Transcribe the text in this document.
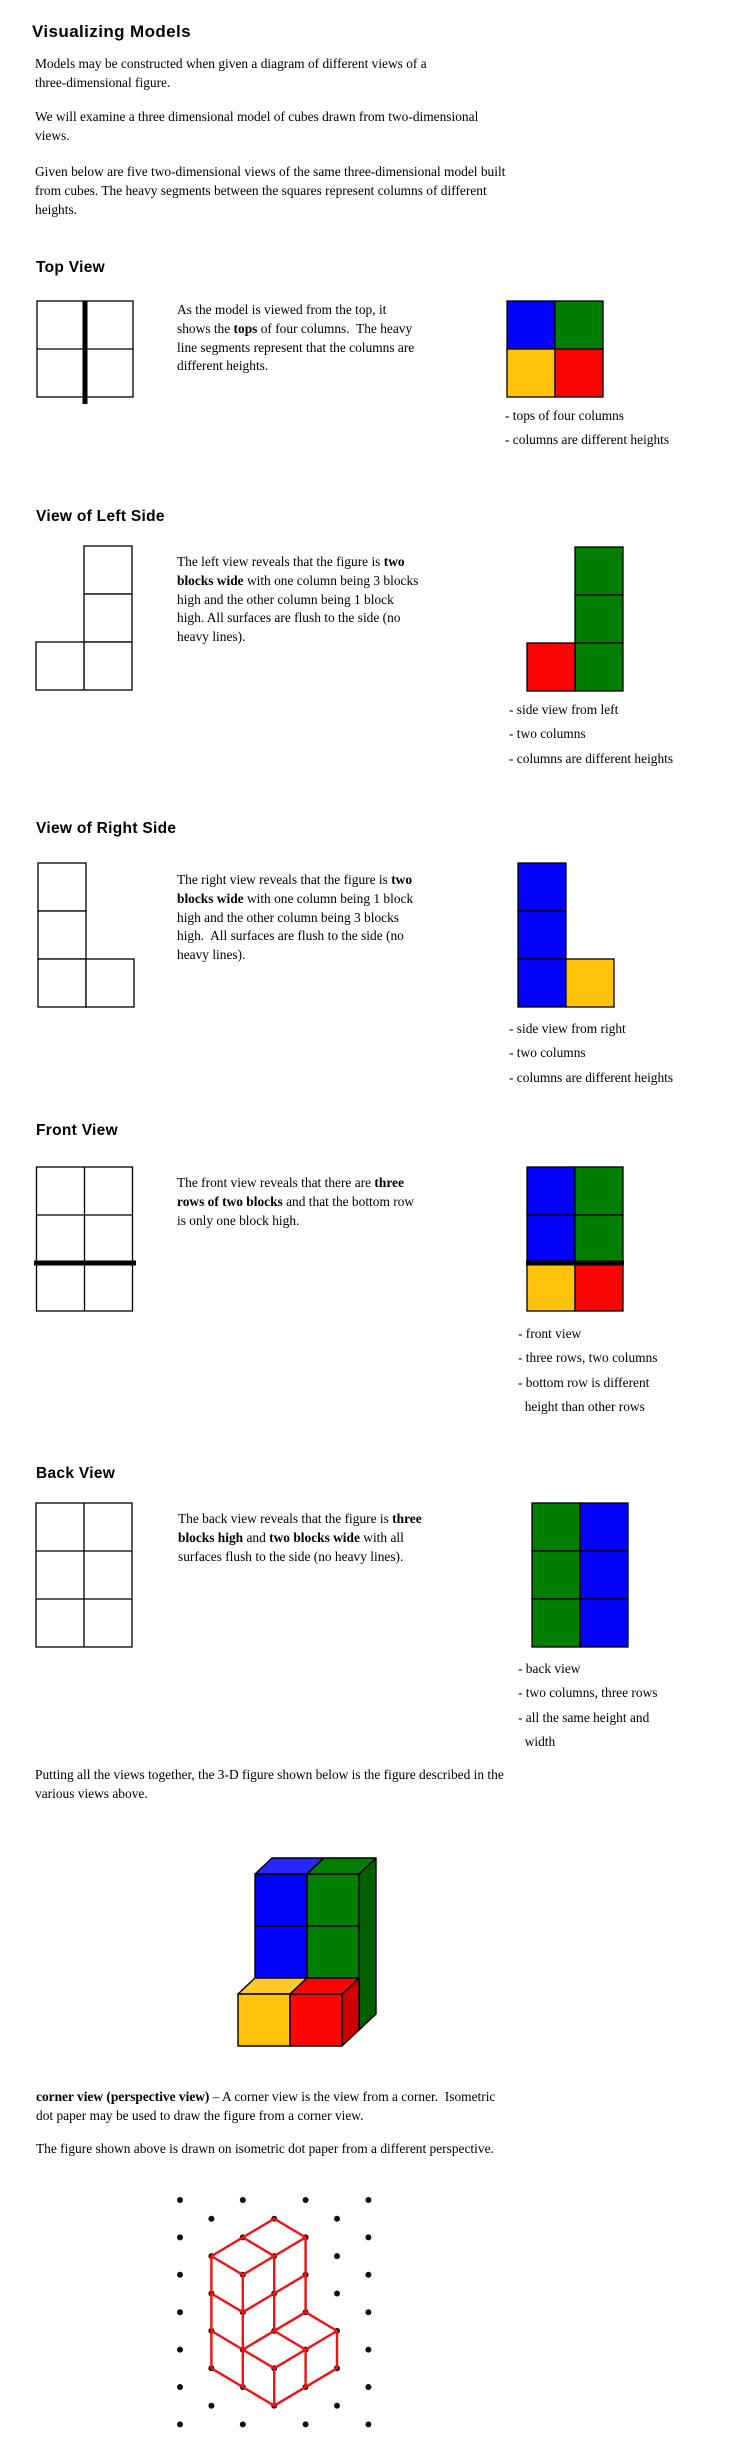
Visualizing Models
Models may be constructed when given a diagram of different views of a
three-dimensional figure.
We will examine a three dimensional model of cubes drawn from two-dimensional
views.
Given below are five two-dimensional views of the same three-dimensional model built
from cubes. The heavy segments between the squares represent columns of different
heights.
Top View
As the model is viewed from the top, it
shows the tops of four columns.  The heavy
line segments represent that the columns are
different heights.
- tops of four columns
- columns are different heights
View of Left Side
The left view reveals that the figure is two
blocks wide with one column being 3 blocks
high and the other column being 1 block
high. All surfaces are flush to the side (no
heavy lines).
- side view from left
- two columns
- columns are different heights
View of Right Side
The right view reveals that the figure is two
blocks wide with one column being 1 block
high and the other column being 3 blocks
high.  All surfaces are flush to the side (no
heavy lines).
- side view from right
- two columns
- columns are different heights
Front View
The front view reveals that there are three
rows of two blocks and that the bottom row
is only one block high.
- front view
- three rows, two columns
- bottom row is different
height than other rows
Back View
The back view reveals that the figure is three
blocks high and two blocks wide with all
surfaces flush to the side (no heavy lines).
- back view
- two columns, three rows
- all the same height and
width
Putting all the views together, the 3-D figure shown below is the figure described in the
various views above.
corner view (perspective view) – A corner view is the view from a corner.  Isometric
dot paper may be used to draw the figure from a corner view.
The figure shown above is drawn on isometric dot paper from a different perspective.
